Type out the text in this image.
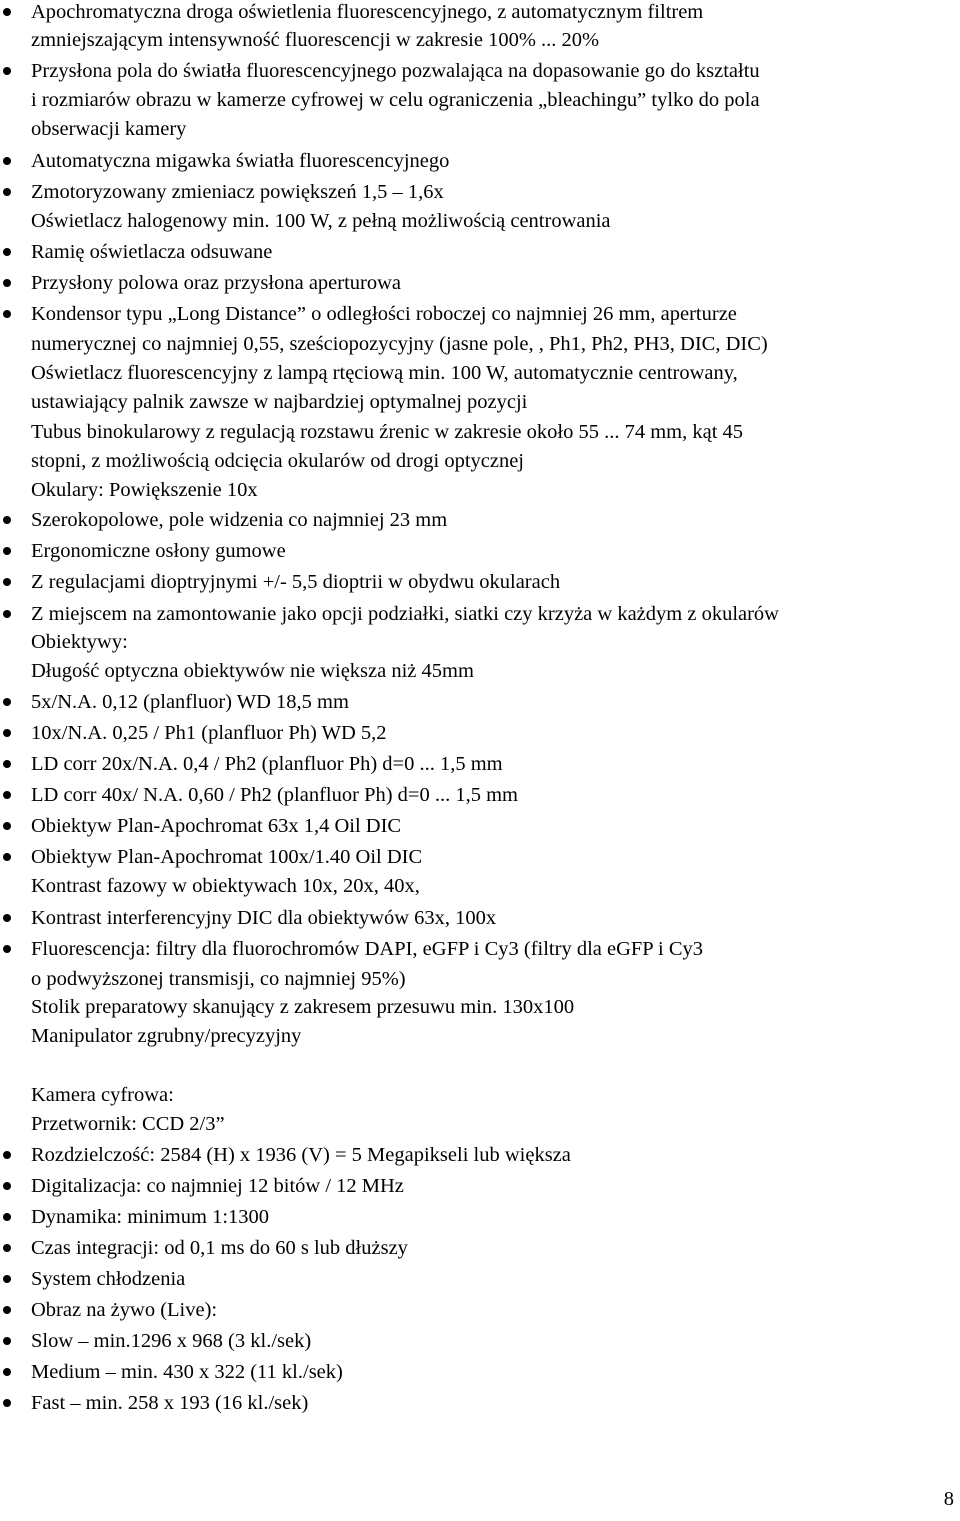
Apochromatyczna droga oświetlenia fluorescencyjnego, z automatycznym filtrem
zmniejszającym intensywność fluorescencji w zakresie 100% ... 20%
Przysłona pola do światła fluorescencyjnego pozwalająca na dopasowanie go do kształtu
i rozmiarów obrazu w kamerze cyfrowej w celu ograniczenia „bleachingu” tylko do pola
obserwacji kamery
Automatyczna migawka światła fluorescencyjnego
Zmotoryzowany zmieniacz powiększeń 1,5 – 1,6x
Oświetlacz halogenowy min. 100 W, z pełną możliwością centrowania
Ramię oświetlacza odsuwane
Przysłony polowa oraz przysłona aperturowa
Kondensor typu „Long Distance” o odległości roboczej co najmniej 26 mm, aperturze
numerycznej co najmniej 0,55, sześciopozycyjny (jasne pole, , Ph1, Ph2, PH3, DIC, DIC)
Oświetlacz fluorescencyjny z lampą rtęciową min. 100 W, automatycznie centrowany,
ustawiający palnik zawsze w najbardziej optymalnej pozycji
Tubus binokularowy z regulacją rozstawu źrenic w zakresie około 55 ... 74 mm, kąt 45
stopni, z możliwością odcięcia okularów od drogi optycznej
Okulary: Powiększenie 10x
Szerokopolowe, pole widzenia co najmniej 23 mm
Ergonomiczne osłony gumowe
Z regulacjami dioptryjnymi +/- 5,5 dioptrii w obydwu okularach
Z miejscem na zamontowanie jako opcji podziałki, siatki czy krzyża w każdym z okularów
Obiektywy:
Długość optyczna obiektywów nie większa niż 45mm
5x/N.A. 0,12 (planfluor) WD 18,5 mm
10x/N.A. 0,25 / Ph1 (planfluor Ph) WD 5,2
LD corr 20x/N.A. 0,4 / Ph2 (planfluor Ph) d=0 ... 1,5 mm
LD corr 40x/ N.A. 0,60 / Ph2 (planfluor Ph) d=0 ... 1,5 mm
Obiektyw Plan-Apochromat 63x 1,4 Oil DIC
Obiektyw Plan-Apochromat 100x/1.40 Oil DIC
Kontrast fazowy w obiektywach 10x, 20x, 40x,
Kontrast interferencyjny DIC dla obiektywów 63x, 100x
Fluorescencja: filtry dla fluorochromów DAPI, eGFP i Cy3 (filtry dla eGFP i Cy3
o podwyższonej transmisji, co najmniej 95%)
Stolik preparatowy skanujący z zakresem przesuwu min. 130x100
Manipulator zgrubny/precyzyjny
Kamera cyfrowa:
Przetwornik: CCD 2/3”
Rozdzielczość: 2584 (H) x 1936 (V) = 5 Megapikseli lub większa
Digitalizacja: co najmniej 12 bitów / 12 MHz
Dynamika: minimum 1:1300
Czas integracji: od 0,1 ms do 60 s lub dłuższy
System chłodzenia
Obraz na żywo (Live):
Slow – min.1296 x 968 (3 kl./sek)
Medium – min. 430 x 322 (11 kl./sek)
Fast – min. 258 x 193 (16 kl./sek)
8
